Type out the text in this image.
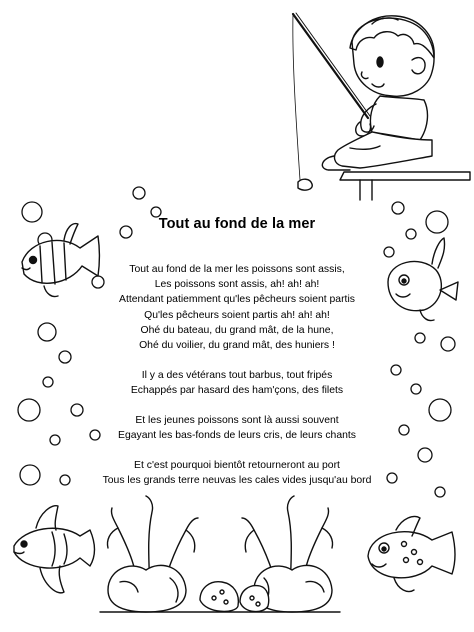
Tout au fond de la mer
Tout au fond de la mer les poissons sont assis,
Les poissons sont assis, ah! ah! ah!
Attendant patiemment qu'les pêcheurs soient partis
Qu'les pêcheurs soient partis ah! ah! ah!
Ohé du bateau, du grand mât, de la hune,
Ohé du voilier, du grand mât, des huniers !
Il y a des vétérans tout barbus, tout fripés
Echappés par hasard des ham'çons, des filets
Et les jeunes poissons sont là aussi souvent
Egayant les bas-fonds de leurs cris, de leurs chants
Et c'est pourquoi bientôt retourneront au port
Tous les grands terre neuvas les cales vides jusqu'au bord
